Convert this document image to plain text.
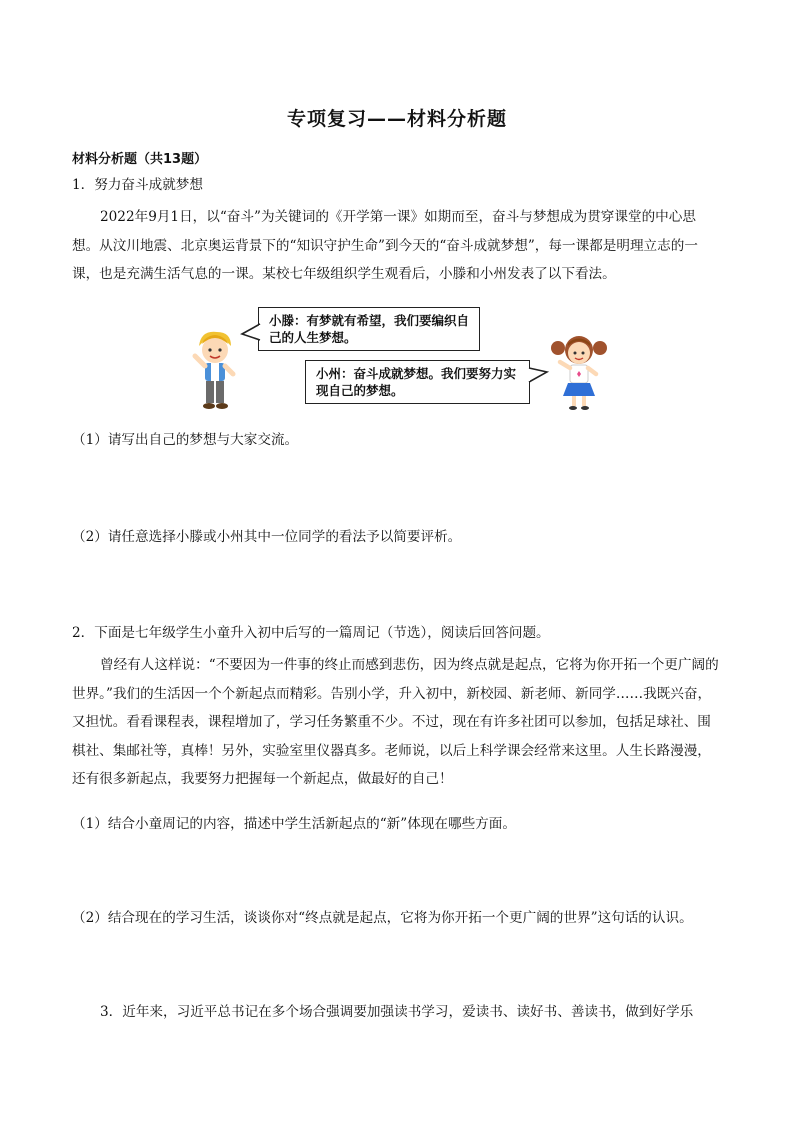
专项复习——材料分析题
材料分析题（共13题）
1．努力奋斗成就梦想

2022年9月1日，以“奋斗”为关键词的《开学第一课》如期而至，奋斗与梦想成为贯穿课堂的中心思想。从汶川地震、北京奥运背景下的“知识守护生命”到今天的“奋斗成就梦想”，每一课都是明理立志的一课，也是充满生活气息的一课。某校七年级组织学生观看后，小滕和小州发表了以下看法。

小滕：有梦就有希望，我们要编织自己的人生梦想。
小州：奋斗成就梦想。我们要努力实现自己的梦想。
（1）请写出自己的梦想与大家交流。
（2）请任意选择小滕或小州其中一位同学的看法予以简要评析。
2．下面是七年级学生小童升入初中后写的一篇周记（节选），阅读后回答问题。

曾经有人这样说：“不要因为一件事的终止而感到悲伤，因为终点就是起点，它将为你开拓一个更广阔的世界。”我们的生活因一个个新起点而精彩。告别小学，升入初中，新校园、新老师、新同学……我既兴奋，又担忧。看看课程表，课程增加了，学习任务繁重不少。不过，现在有许多社团可以参加，包括足球社、围棋社、集邮社等，真棒！另外，实验室里仪器真多。老师说，以后上科学课会经常来这里。人生长路漫漫，还有很多新起点，我要努力把握每一个新起点，做最好的自己！

（1）结合小童周记的内容，描述中学生活新起点的“新”体现在哪些方面。
（2）结合现在的学习生活，谈谈你对“终点就是起点，它将为你开拓一个更广阔的世界”这句话的认识。
3．近年来，习近平总书记在多个场合强调要加强读书学习，爱读书、读好书、善读书，做到好学乐
